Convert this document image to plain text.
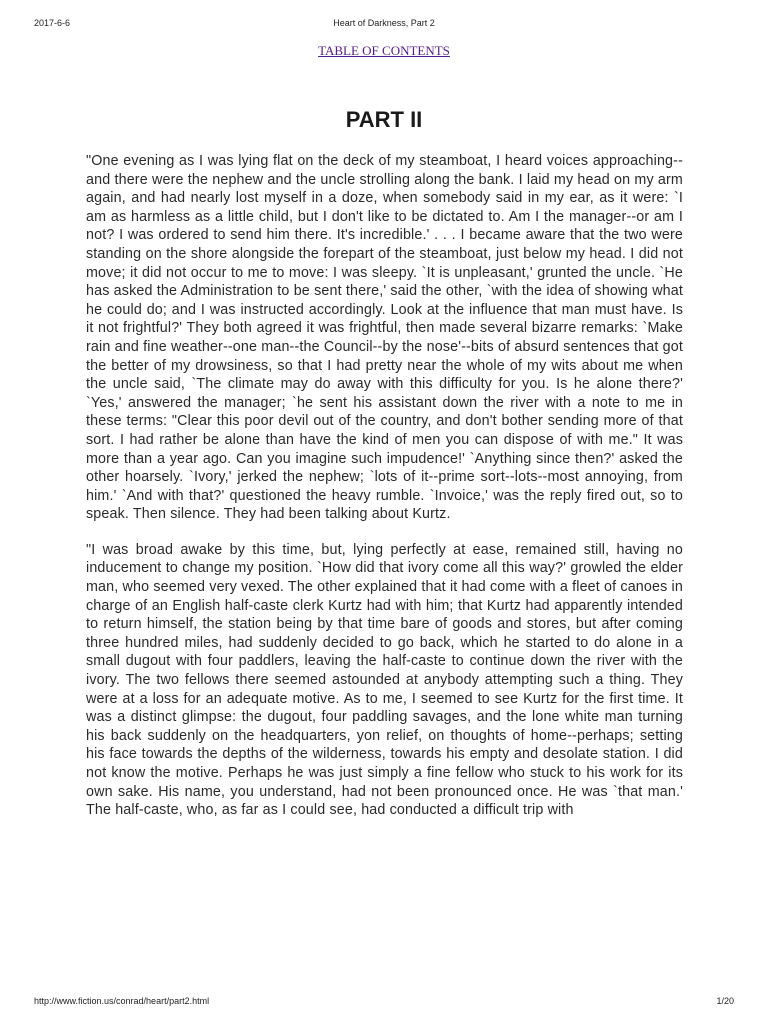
2017-6-6	Heart of Darkness, Part 2
TABLE OF CONTENTS
PART II

"One evening as I was lying flat on the deck of my steamboat, I heard voices approaching--and there were the nephew and the uncle strolling along the bank. I laid my head on my arm again, and had nearly lost myself in a doze, when somebody said in my ear, as it were: `I am as harmless as a little child, but I don't like to be dictated to. Am I the manager--or am I not? I was ordered to send him there. It's incredible.' . . . I became aware that the two were standing on the shore alongside the forepart of the steamboat, just below my head. I did not move; it did not occur to me to move: I was sleepy. `It is unpleasant,' grunted the uncle. `He has asked the Administration to be sent there,' said the other, `with the idea of showing what he could do; and I was instructed accordingly. Look at the influence that man must have. Is it not frightful?' They both agreed it was frightful, then made several bizarre remarks: `Make rain and fine weather--one man--the Council--by the nose'--bits of absurd sentences that got the better of my drowsiness, so that I had pretty near the whole of my wits about me when the uncle said, `The climate may do away with this difficulty for you. Is he alone there?' `Yes,' answered the manager; `he sent his assistant down the river with a note to me in these terms: "Clear this poor devil out of the country, and don't bother sending more of that sort. I had rather be alone than have the kind of men you can dispose of with me." It was more than a year ago. Can you imagine such impudence!' `Anything since then?' asked the other hoarsely. `Ivory,' jerked the nephew; `lots of it--prime sort--lots--most annoying, from him.' `And with that?' questioned the heavy rumble. `Invoice,' was the reply fired out, so to speak. Then silence. They had been talking about Kurtz.

"I was broad awake by this time, but, lying perfectly at ease, remained still, having no inducement to change my position. `How did that ivory come all this way?' growled the elder man, who seemed very vexed. The other explained that it had come with a fleet of canoes in charge of an English half-caste clerk Kurtz had with him; that Kurtz had apparently intended to return himself, the station being by that time bare of goods and stores, but after coming three hundred miles, had suddenly decided to go back, which he started to do alone in a small dugout with four paddlers, leaving the half-caste to continue down the river with the ivory. The two fellows there seemed astounded at anybody attempting such a thing. They were at a loss for an adequate motive. As to me, I seemed to see Kurtz for the first time. It was a distinct glimpse: the dugout, four paddling savages, and the lone white man turning his back suddenly on the headquarters, yon relief, on thoughts of home--perhaps; setting his face towards the depths of the wilderness, towards his empty and desolate station. I did not know the motive. Perhaps he was just simply a fine fellow who stuck to his work for its own sake. His name, you understand, had not been pronounced once. He was `that man.' The half-caste, who, as far as I could see, had conducted a difficult trip with

http://www.fiction.us/conrad/heart/part2.html	1/20
